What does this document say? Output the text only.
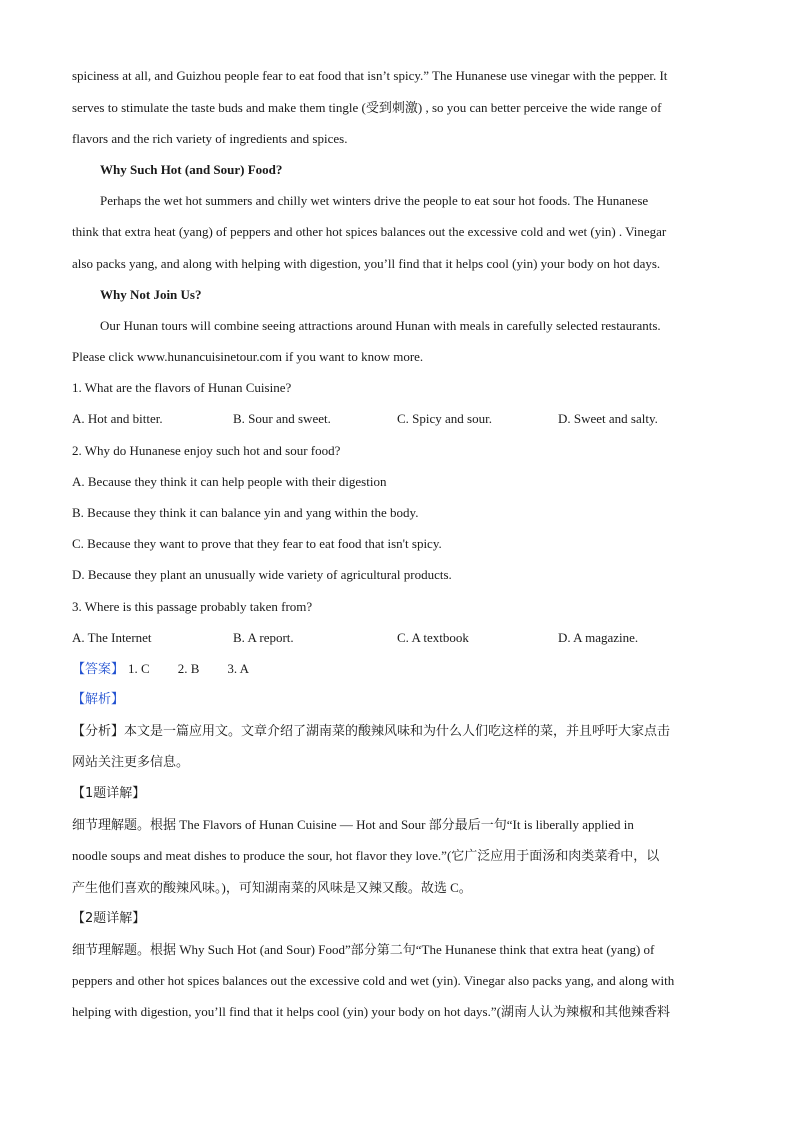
spiciness at all, and Guizhou people fear to eat food that isn’t spicy.” The Hunanese use vinegar with the pepper. It
serves to stimulate the taste buds and make them tingle (受到刺激) , so you can better perceive the wide range of
flavors and the rich variety of ingredients and spices.
Why Such Hot (and Sour) Food?
Perhaps the wet hot summers and chilly wet winters drive the people to eat sour hot foods. The Hunanese
think that extra heat (yang) of peppers and other hot spices balances out the excessive cold and wet (yin) . Vinegar
also packs yang, and along with helping with digestion, you’ll find that it helps cool (yin) your body on hot days.
Why Not Join Us?
Our Hunan tours will combine seeing attractions around Hunan with meals in carefully selected restaurants.
Please click www.hunancuisinetour.com if you want to know more.
1. What are the flavors of Hunan Cuisine?
A. Hot and bitter.	B. Sour and sweet.	C. Spicy and sour.	D. Sweet and salty.
2. Why do Hunanese enjoy such hot and sour food?
A. Because they think it can help people with their digestion
B. Because they think it can balance yin and yang within the body.
C. Because they want to prove that they fear to eat food that isn't spicy.
D. Because they plant an unusually wide variety of agricultural products.
3. Where is this passage probably taken from?
A. The Internet	B. A report.	C. A textbook	D. A magazine.
【答案】 1. C 2. B 3. A
【解析】
【分析】本文是一篇应用文。文章介绍了湖南菜的酸辣风味和为什么人们吃这样的菜，并且呼吁大家点击
网站关注更多信息。
【1题详解】
细节理解题。根据 The Flavors of Hunan Cuisine — Hot and Sour 部分最后一句“It is liberally applied in
noodle soups and meat dishes to produce the sour, hot flavor they love.”(它广泛应用于面汤和肉类菜肴中，以
产生他们喜欢的酸辣风味。)，可知湖南菜的风味是又辣又酸。故选 C。
【2题详解】
细节理解题。根据 Why Such Hot (and Sour) Food”部分第二句“The Hunanese think that extra heat (yang) of
peppers and other hot spices balances out the excessive cold and wet (yin). Vinegar also packs yang, and along with
helping with digestion, you’ll find that it helps cool (yin) your body on hot days.”(湖南人认为辣椒和其他辣香料
